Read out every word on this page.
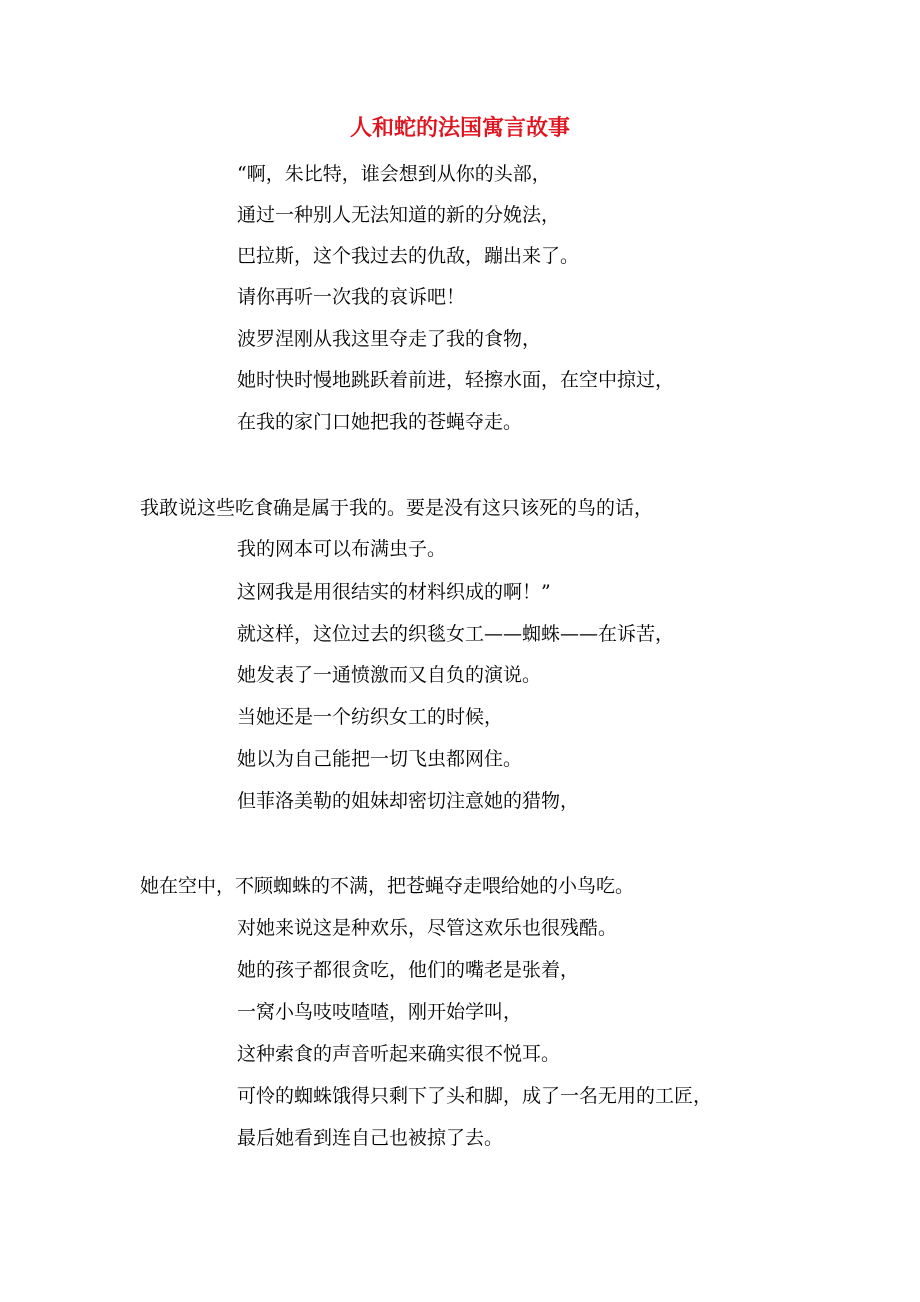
人和蛇的法国寓言故事

“啊，朱比特，谁会想到从你的头部，

通过一种别人无法知道的新的分娩法，

巴拉斯，这个我过去的仇敌，蹦出来了。

请你再听一次我的哀诉吧！

波罗涅刚从我这里夺走了我的食物，

她时快时慢地跳跃着前进，轻擦水面，在空中掠过，

在我的家门口她把我的苍蝇夺走。

我敢说这些吃食确是属于我的。要是没有这只该死的鸟的话，

我的网本可以布满虫子。

这网我是用很结实的材料织成的啊！”

就这样，这位过去的织毯女工——蜘蛛——在诉苦，

她发表了一通愤激而又自负的演说。

当她还是一个纺织女工的时候，

她以为自己能把一切飞虫都网住。

但菲洛美勒的姐妹却密切注意她的猎物，

她在空中，不顾蜘蛛的不满，把苍蝇夺走喂给她的小鸟吃。

对她来说这是种欢乐，尽管这欢乐也很残酷。

她的孩子都很贪吃，他们的嘴老是张着，

一窝小鸟吱吱喳喳，刚开始学叫，

这种索食的声音听起来确实很不悦耳。

可怜的蜘蛛饿得只剩下了头和脚，成了一名无用的工匠，

最后她看到连自己也被掠了去。
